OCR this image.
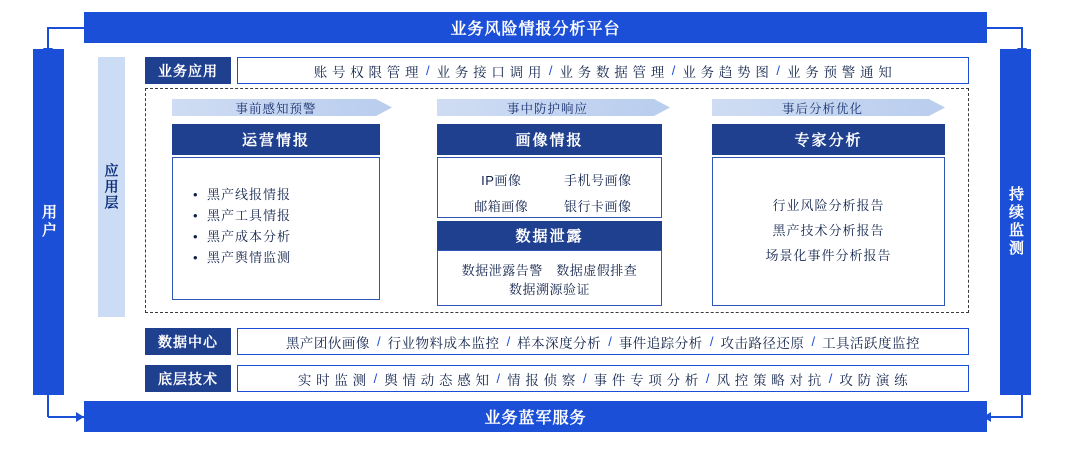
业务风险情报分析平台
业务蓝军服务
用户	持续监测
应用层
业务应用	账 号 权 限 管 理 / 业 务 接 口 调 用 / 业 务 数 据 管 理 / 业 务 趋 势 图 / 业 务 预 警 通 知
事前感知预警	事中防护响应	事后分析优化
运营情报
• 黑产线报情报
• 黑产工具情报
• 黑产成本分析
• 黑产舆情监测
画像情报
IP画像	手机号画像
邮箱画像	银行卡画像
数据泄露
数据泄露告警	数据虚假排查
数据溯源验证
专家分析
行业风险分析报告
黑产技术分析报告
场景化事件分析报告
数据中心	黑产团伙画像 / 行业物料成本监控 / 样本深度分析 / 事件追踪分析 / 攻击路径还原 / 工具活跃度监控
底层技术	实 时 监 测 / 舆 情 动 态 感 知 / 情 报 侦 察 / 事 件 专 项 分 析 / 风 控 策 略 对 抗 / 攻 防 演 练
